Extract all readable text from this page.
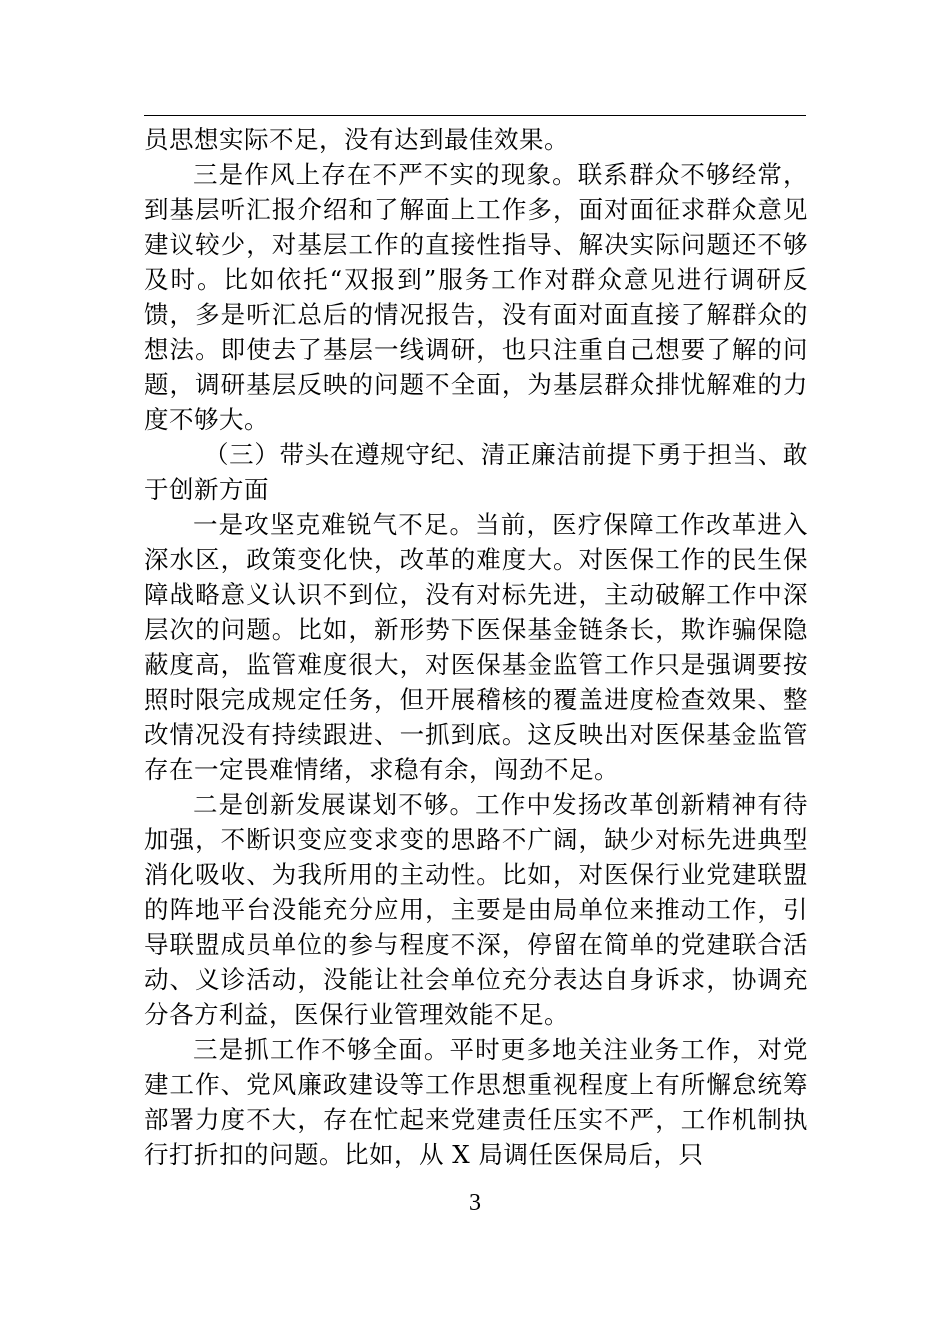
员思想实际不足，没有达到最佳效果。

三是作风上存在不严不实的现象。联系群众不够经常，到基层听汇报介绍和了解面上工作多，面对面征求群众意见建议较少，对基层工作的直接性指导、解决实际问题还不够及时。比如依托“双报到”服务工作对群众意见进行调研反馈，多是听汇总后的情况报告，没有面对面直接了解群众的想法。即使去了基层一线调研，也只注重自己想要了解的问题，调研基层反映的问题不全面，为基层群众排忧解难的力度不够大。

（三）带头在遵规守纪、清正廉洁前提下勇于担当、敢于创新方面

一是攻坚克难锐气不足。当前，医疗保障工作改革进入深水区，政策变化快，改革的难度大。对医保工作的民生保障战略意义认识不到位，没有对标先进，主动破解工作中深层次的问题。比如，新形势下医保基金链条长，欺诈骗保隐蔽度高，监管难度很大，对医保基金监管工作只是强调要按照时限完成规定任务，但开展稽核的覆盖进度检查效果、整改情况没有持续跟进、一抓到底。这反映出对医保基金监管存在一定畏难情绪，求稳有余，闯劲不足。

二是创新发展谋划不够。工作中发扬改革创新精神有待加强，不断识变应变求变的思路不广阔，缺少对标先进典型消化吸收、为我所用的主动性。比如，对医保行业党建联盟的阵地平台没能充分应用，主要是由局单位来推动工作，引导联盟成员单位的参与程度不深，停留在简单的党建联合活动、义诊活动，没能让社会单位充分表达自身诉求，协调充分各方利益，医保行业管理效能不足。

三是抓工作不够全面。平时更多地关注业务工作，对党建工作、党风廉政建设等工作思想重视程度上有所懈怠统筹部署力度不大，存在忙起来党建责任压实不严，工作机制执行打折扣的问题。比如，从 X 局调任医保局后，只

3
